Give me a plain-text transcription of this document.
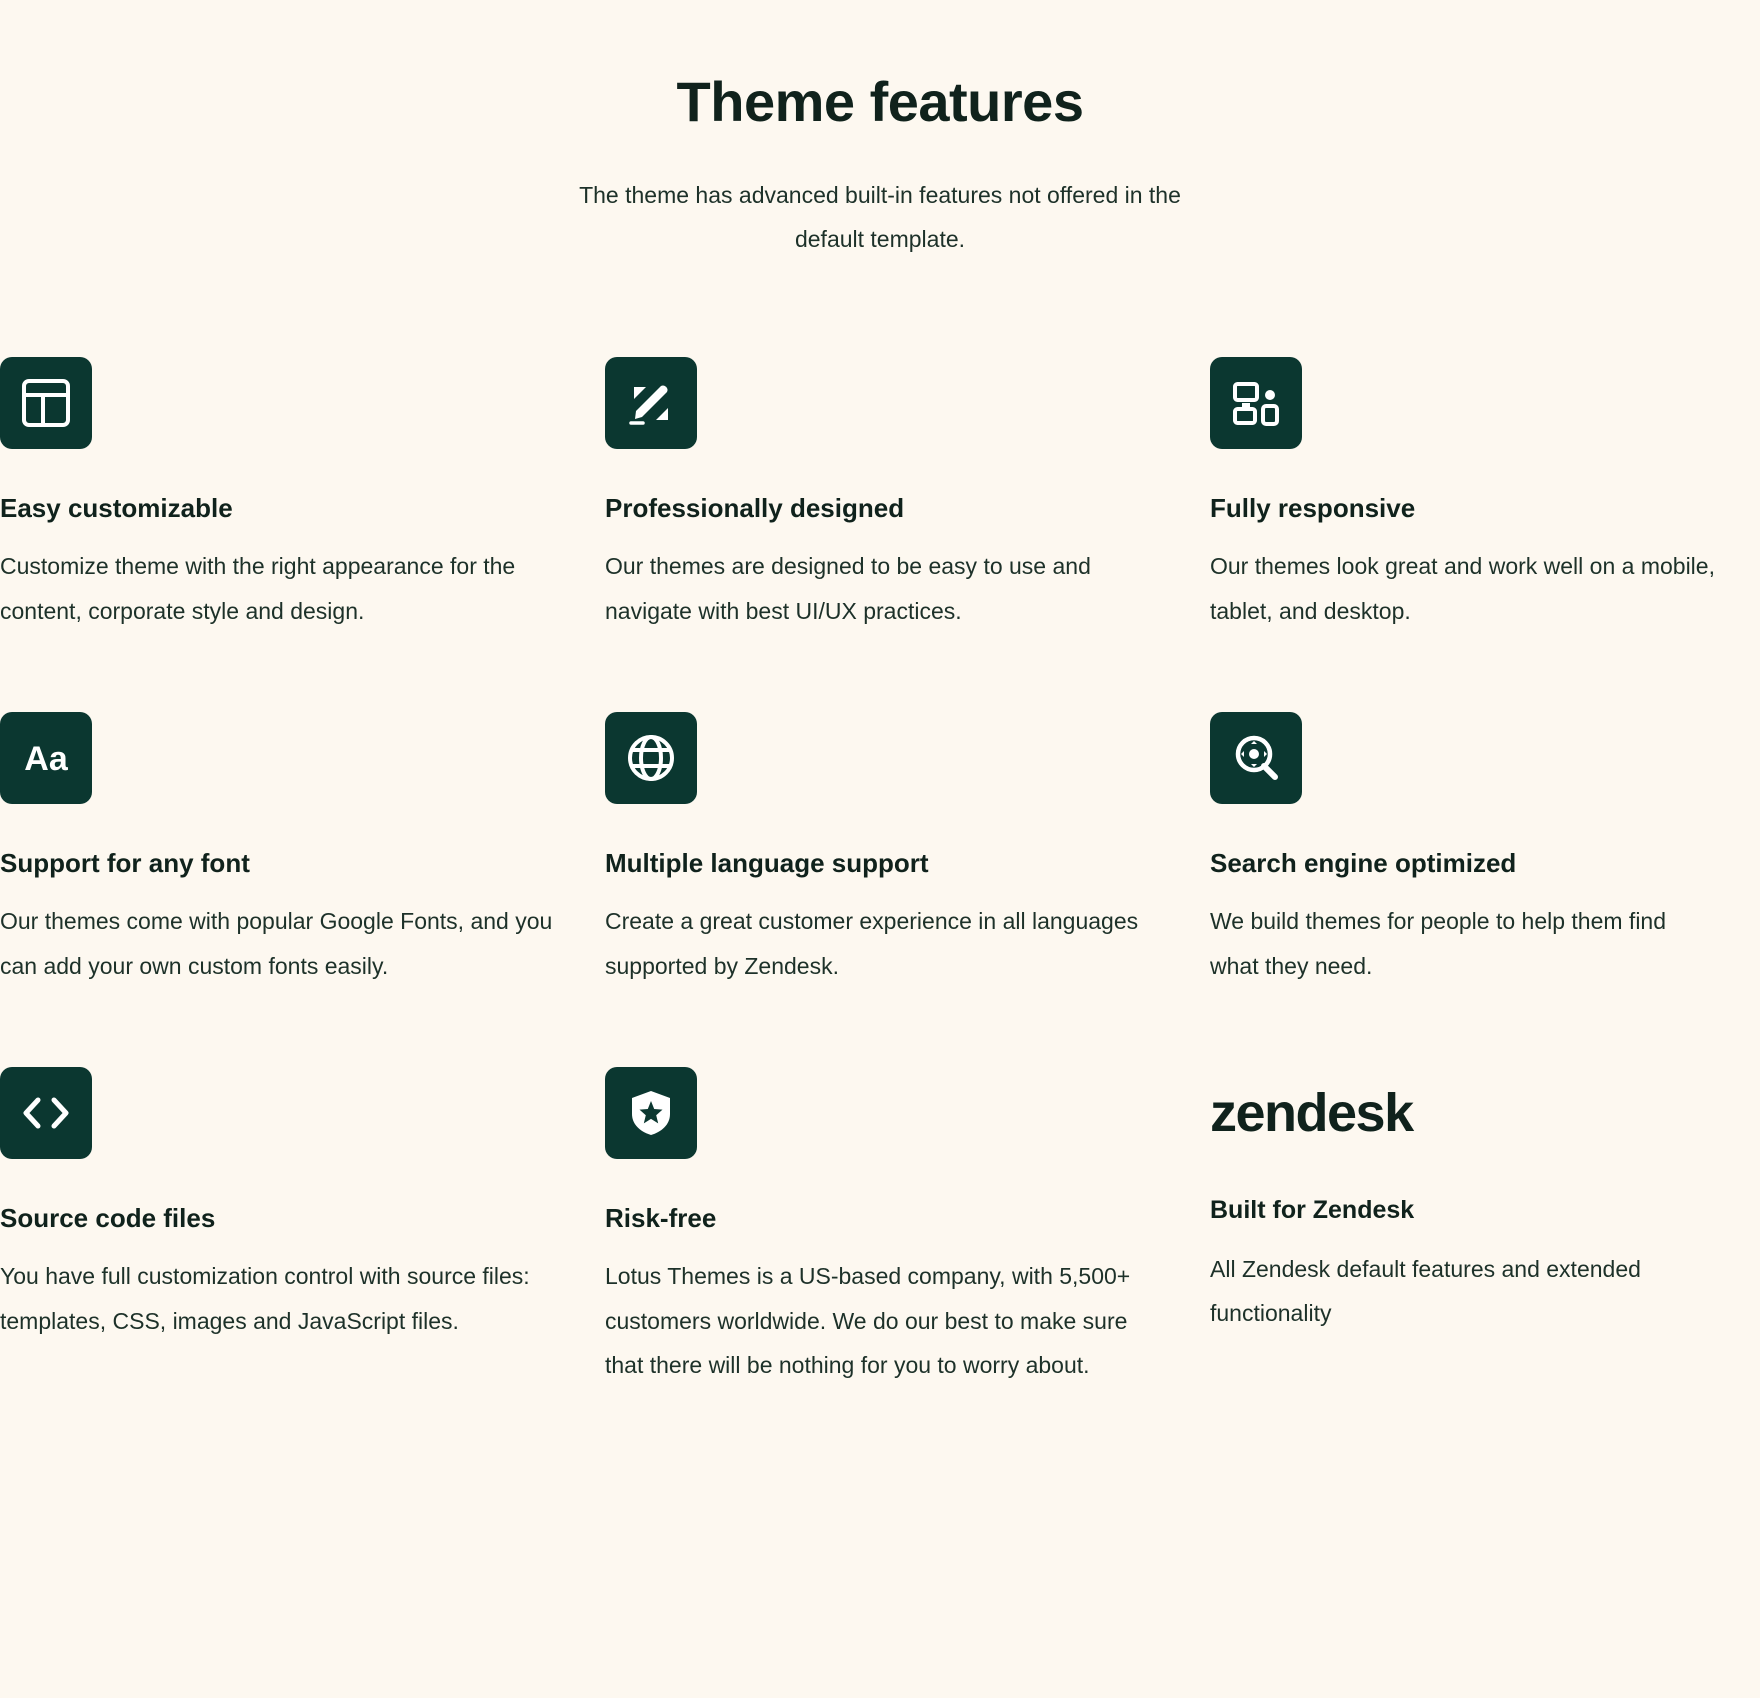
Theme features

The theme has advanced built-in features not offered in the default template.

Easy customizable

Customize theme with the right appearance for the content, corporate style and design.

Professionally designed

Our themes are designed to be easy to use and navigate with best UI/UX practices.

Fully responsive

Our themes look great and work well on a mobile, tablet, and desktop.

Aa
Support for any font

Our themes come with popular Google Fonts, and you can add your own custom fonts easily.

Multiple language support

Create a great customer experience in all languages supported by Zendesk.

Search engine optimized

We build themes for people to help them find what they need.

Source code files

You have full customization control with source files: templates, CSS, images and JavaScript files.

Risk-free

Lotus Themes is a US-based company, with 5,500+ customers worldwide. We do our best to make sure that there will be nothing for you to worry about.

zendesk
Built for Zendesk

All Zendesk default features and extended functionality
